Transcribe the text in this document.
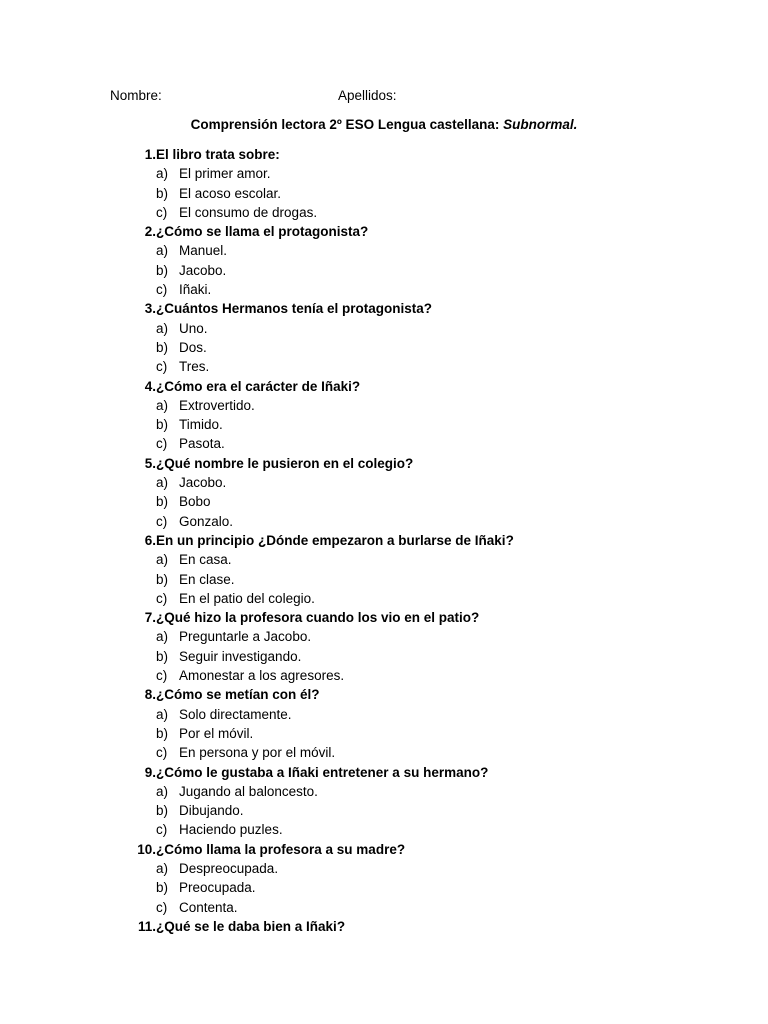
Nombre:	Apellidos:
Comprensión lectora 2º ESO Lengua castellana: Subnormal.
1. El libro trata sobre:
a) El primer amor.
b) El acoso escolar.
c) El consumo de drogas.
2. ¿Cómo se llama el protagonista?
a) Manuel.
b) Jacobo.
c) Iñaki.
3. ¿Cuántos Hermanos tenía el protagonista?
a) Uno.
b) Dos.
c) Tres.
4. ¿Cómo era el carácter de Iñaki?
a) Extrovertido.
b) Timido.
c) Pasota.
5. ¿Qué nombre le pusieron en el colegio?
a) Jacobo.
b) Bobo
c) Gonzalo.
6. En un principio ¿Dónde empezaron a burlarse de Iñaki?
a) En casa.
b) En clase.
c) En el patio del colegio.
7. ¿Qué hizo la profesora cuando los vio en el patio?
a) Preguntarle a Jacobo.
b) Seguir investigando.
c) Amonestar a los agresores.
8. ¿Cómo se metían con él?
a) Solo directamente.
b) Por el móvil.
c) En persona y por el móvil.
9. ¿Cómo le gustaba a Iñaki entretener a su hermano?
a) Jugando al baloncesto.
b) Dibujando.
c) Haciendo puzles.
10. ¿Cómo llama la profesora a su madre?
a) Despreocupada.
b) Preocupada.
c) Contenta.
11. ¿Qué se le daba bien a Iñaki?
